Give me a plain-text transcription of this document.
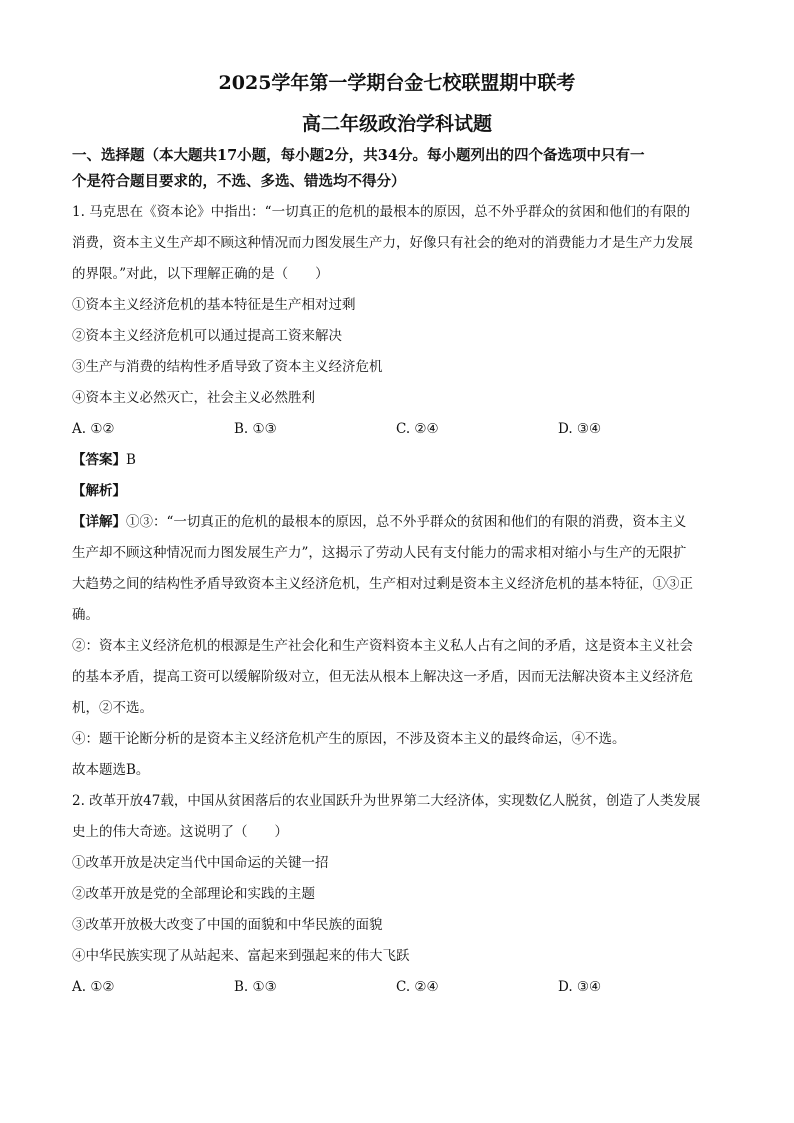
2025学年第一学期台金七校联盟期中联考
高二年级政治学科试题
一、选择题（本大题共17小题，每小题2分，共34分。每小题列出的四个备选项中只有一
个是符合题目要求的，不选、多选、错选均不得分）

1. 马克思在《资本论》中指出：“一切真正的危机的最根本的原因，总不外乎群众的贫困和他们的有限的

消费，资本主义生产却不顾这种情况而力图发展生产力，好像只有社会的绝对的消费能力才是生产力发展

的界限。”对此，以下理解正确的是（　　）

①资本主义经济危机的基本特征是生产相对过剩

②资本主义经济危机可以通过提高工资来解决

③生产与消费的结构性矛盾导致了资本主义经济危机

④资本主义必然灭亡，社会主义必然胜利

A. ①②	B. ①③	C. ②④	D. ③④

【答案】B

【解析】

【详解】①③：“一切真正的危机的最根本的原因，总不外乎群众的贫困和他们的有限的消费，资本主义

生产却不顾这种情况而力图发展生产力”，这揭示了劳动人民有支付能力的需求相对缩小与生产的无限扩

大趋势之间的结构性矛盾导致资本主义经济危机，生产相对过剩是资本主义经济危机的基本特征，①③正

确。

②：资本主义经济危机的根源是生产社会化和生产资料资本主义私人占有之间的矛盾，这是资本主义社会

的基本矛盾，提高工资可以缓解阶级对立，但无法从根本上解决这一矛盾，因而无法解决资本主义经济危

机，②不选。

④：题干论断分析的是资本主义经济危机产生的原因，不涉及资本主义的最终命运，④不选。

故本题选B。

2. 改革开放47载，中国从贫困落后的农业国跃升为世界第二大经济体，实现数亿人脱贫，创造了人类发展

史上的伟大奇迹。这说明了（　　）

①改革开放是决定当代中国命运的关键一招

②改革开放是党的全部理论和实践的主题

③改革开放极大改变了中国的面貌和中华民族的面貌

④中华民族实现了从站起来、富起来到强起来的伟大飞跃

A. ①②	B. ①③	C. ②④	D. ③④
